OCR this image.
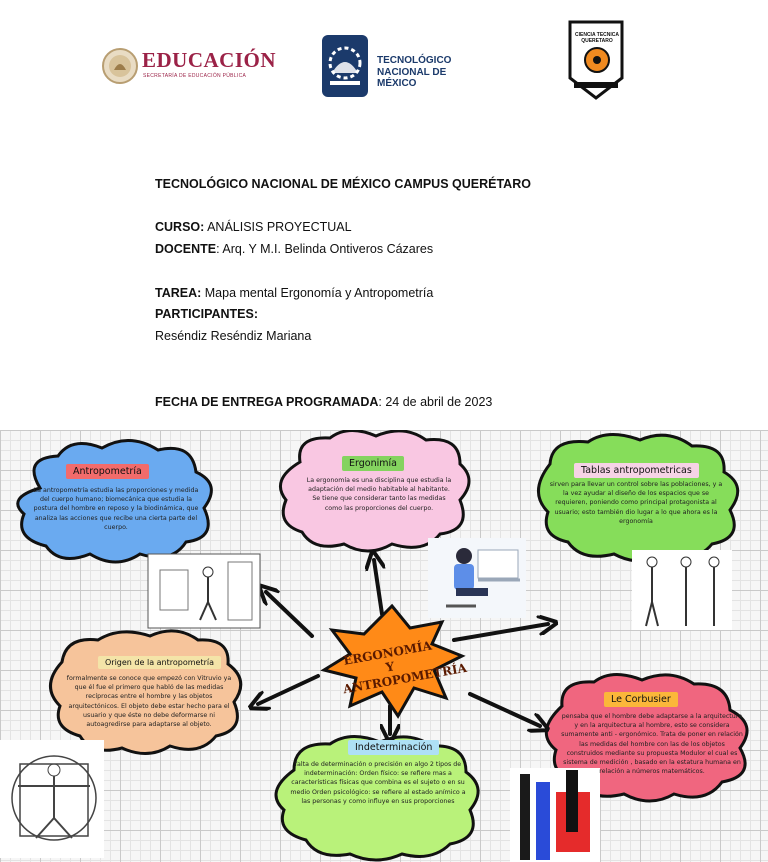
EDUCACIÓN
SECRETARÍA DE EDUCACIÓN PÚBLICA
TECNOLÓGICO
NACIONAL DE MÉXICO
CIENCIA TECNICA QUERETARO
TECNOLÓGICO NACIONAL DE MÉXICO CAMPUS QUERÉTARO
CURSO: ANÁLISIS PROYECTUAL
DOCENTE: Arq. Y M.I. Belinda Ontiveros Cázares
TAREA: Mapa mental Ergonomía y Antropometría
PARTICIPANTES:
Reséndiz Reséndiz Mariana
FECHA DE ENTREGA PROGRAMADA: 24 de abril de 2023
Antropometría
La antropometría estudia las proporciones y medida del cuerpo humano; biomecánica que estudia la postura del hombre en reposo y la biodinámica, que analiza las acciones que recibe una cierta parte del cuerpo.
Ergonimía
La ergonomía es una disciplina que estudia la adaptación del medio habitable al habitante. Se tiene que considerar tanto las medidas como las proporciones del cuerpo.
Tablas antropometricas
sirven para llevar un control sobre las poblaciones, y a la vez ayudar al diseño de los espacios que se requieren, poniendo como principal protagonista al usuario; esto también dio lugar a lo que ahora es la ergonomía
Origen de la antropometría
formalmente se conoce que empezó con Vitruvio ya que él fue el primero que habló de las medidas recíprocas entre el hombre y las objetos arquitectónicos. El objeto debe estar hecho para el usuario y que éste no debe deformarse ni autoagredirse para adaptarse al objeto.
Indeterminación
falta de determinación o precisión en algo 2 tipos de indeterminación: Orden físico: se refiere mas a características físicas que combina es el sujeto o en su medio Orden psicológico: se refiere al estado anímico a las personas y como influye en sus proporciones
Le Corbusier
pensaba que el hombre debe adaptarse a la arquitectura y en la arquitectura al hombre, esto se considera sumamente anti - ergonómico. Trata de poner en relación las medidas del hombre con las de los objetos construidos mediante su propuesta Modulor el cual es sistema de medición , basado en la estatura humana en relación a números matemáticos.
ERGONOMÍA Y ANTROPOMETRÍA
